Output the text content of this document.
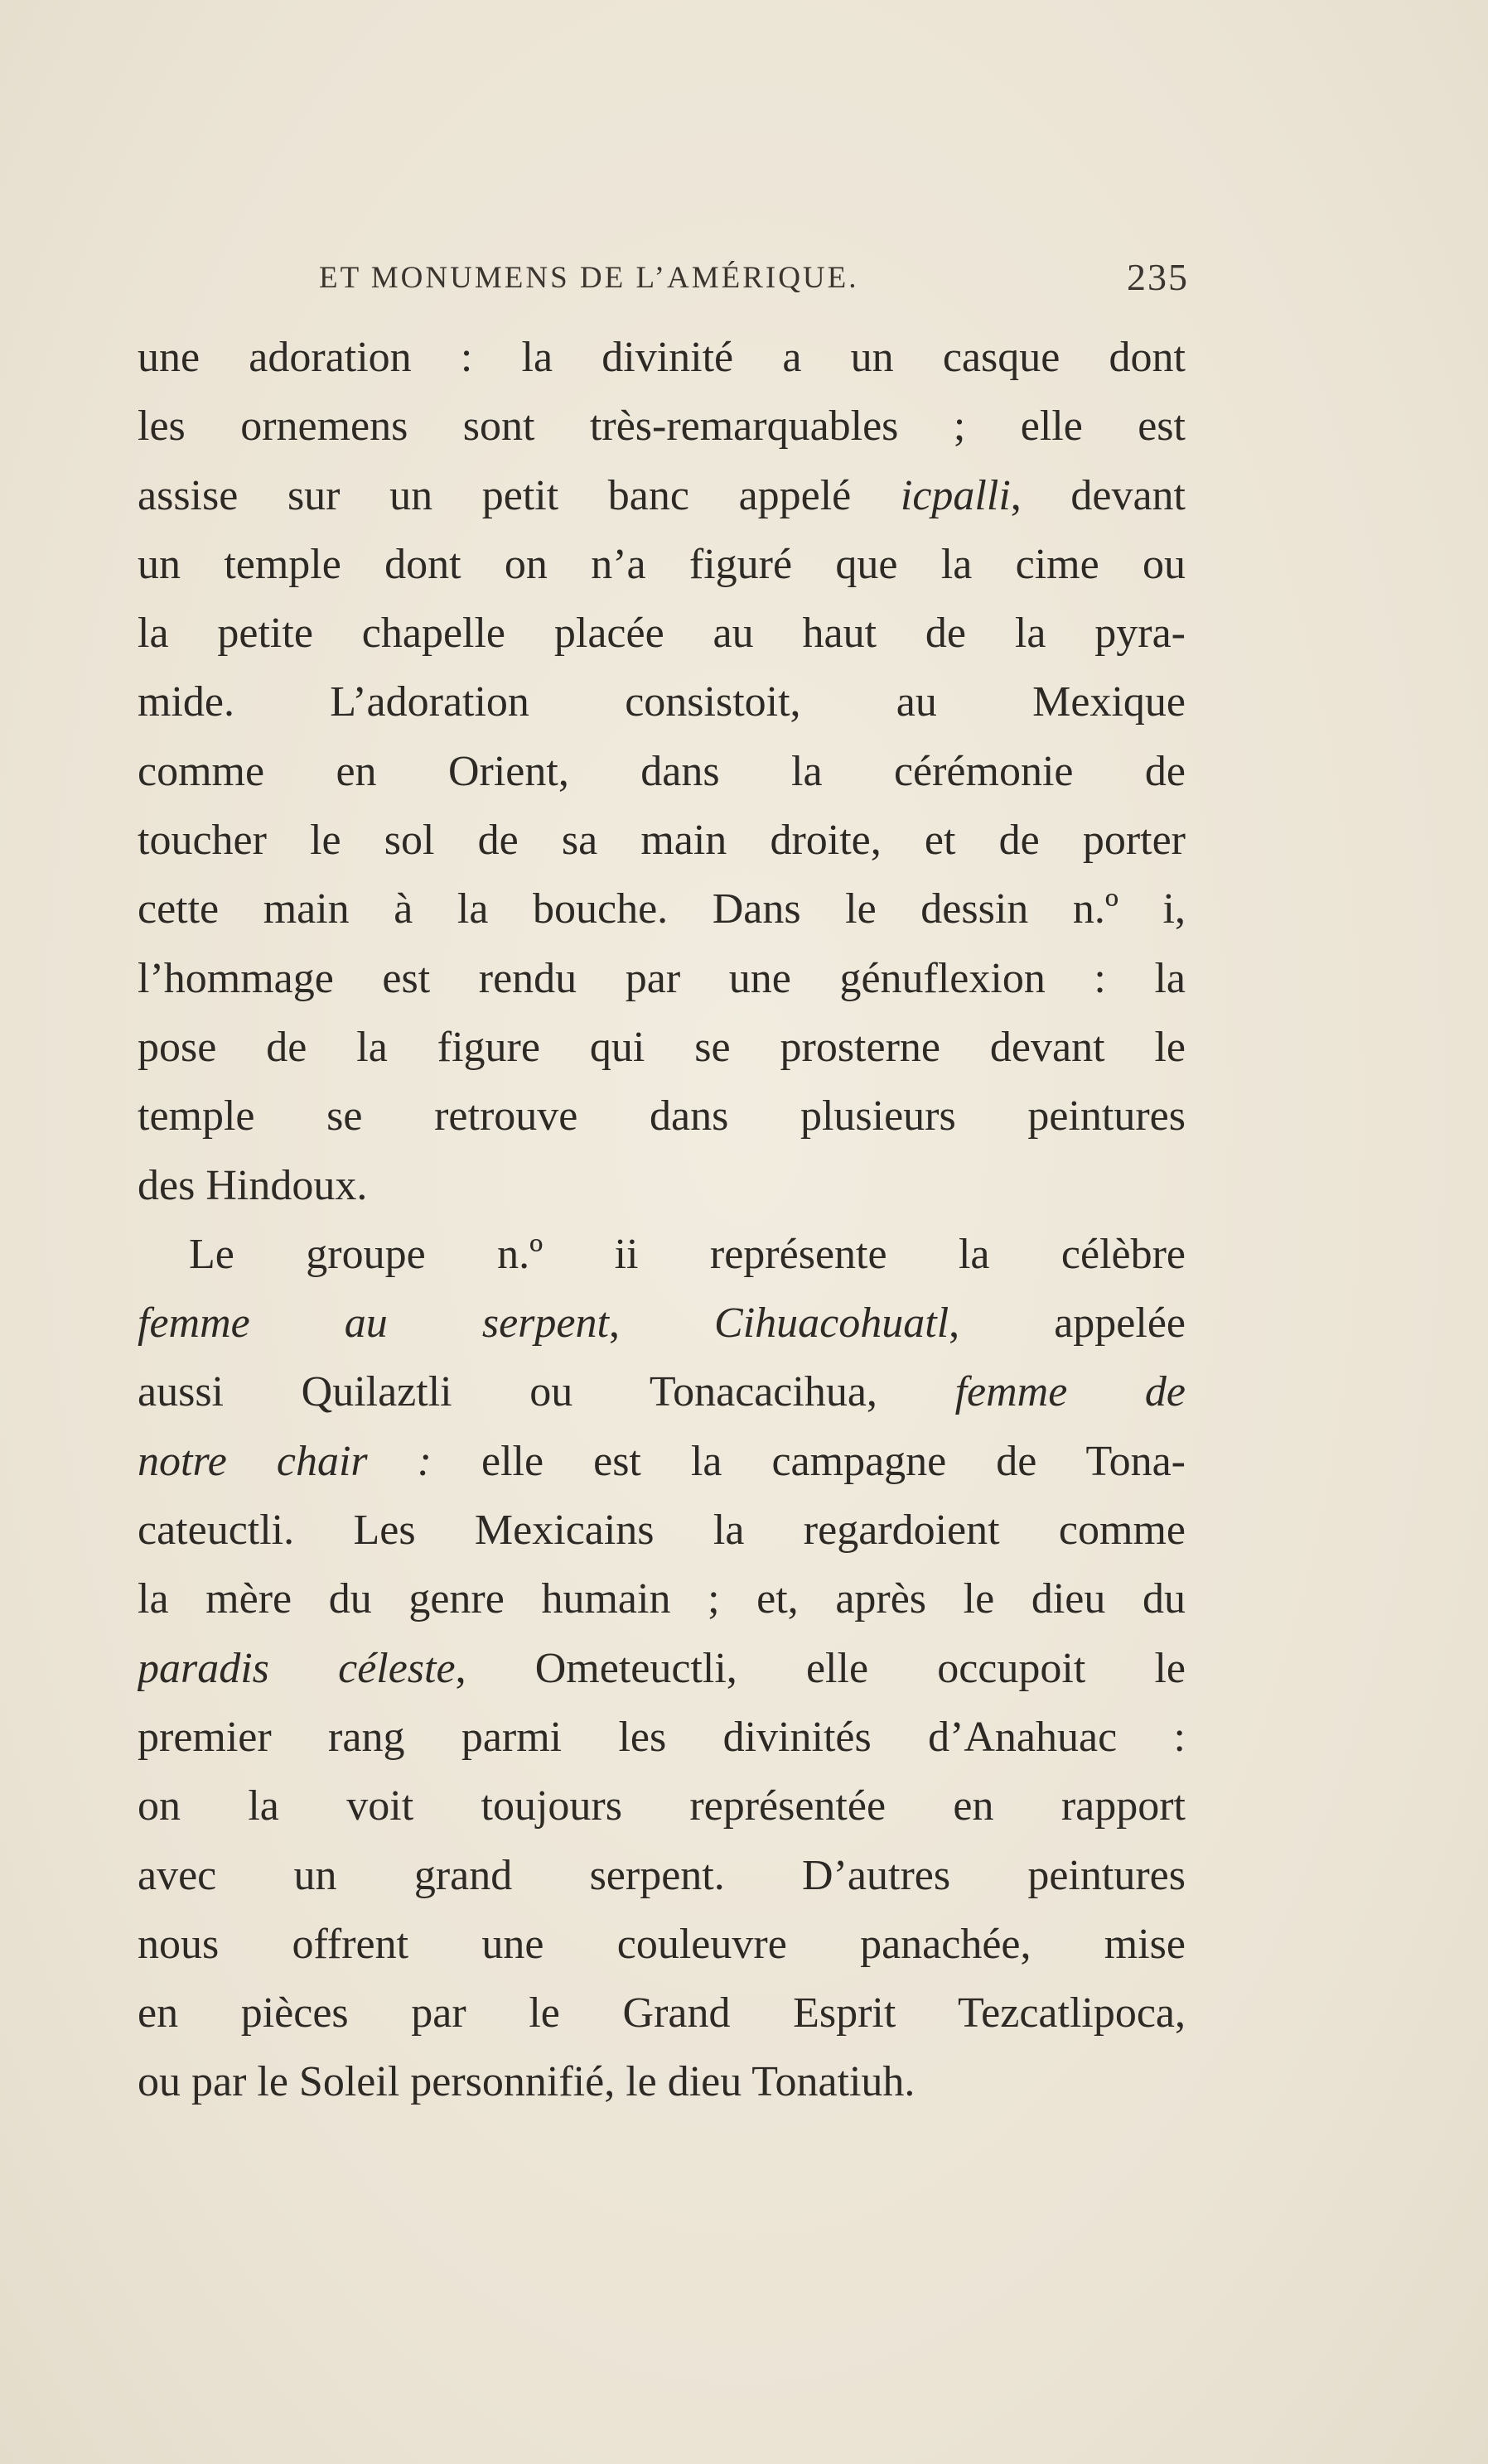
ET MONUMENS DE L’AMÉRIQUE.	235
une adoration : la divinité a un casque dont
les ornemens sont très-remarquables ; elle est
assise sur un petit banc appelé icpalli, devant
un temple dont on n’a figuré que la cime ou
la petite chapelle placée au haut de la pyra-
mide. L’adoration consistoit, au Mexique
comme en Orient, dans la cérémonie de
toucher le sol de sa main droite, et de porter
cette main à la bouche. Dans le dessin n.º i,
l’hommage est rendu par une génuflexion : la
pose de la figure qui se prosterne devant le
temple se retrouve dans plusieurs peintures
des Hindoux.
Le groupe n.º ii représente la célèbre
femme au serpent, Cihuacohuatl, appelée
aussi Quilaztli ou Tonacacihua, femme de
notre chair : elle est la campagne de Tona-
cateuctli. Les Mexicains la regardoient comme
la mère du genre humain ; et, après le dieu du
paradis céleste, Ometeuctli, elle occupoit le
premier rang parmi les divinités d’Anahuac :
on la voit toujours représentée en rapport
avec un grand serpent. D’autres peintures
nous offrent une couleuvre panachée, mise
en pièces par le Grand Esprit Tezcatlipoca,
ou par le Soleil personnifié, le dieu Tonatiuh.
